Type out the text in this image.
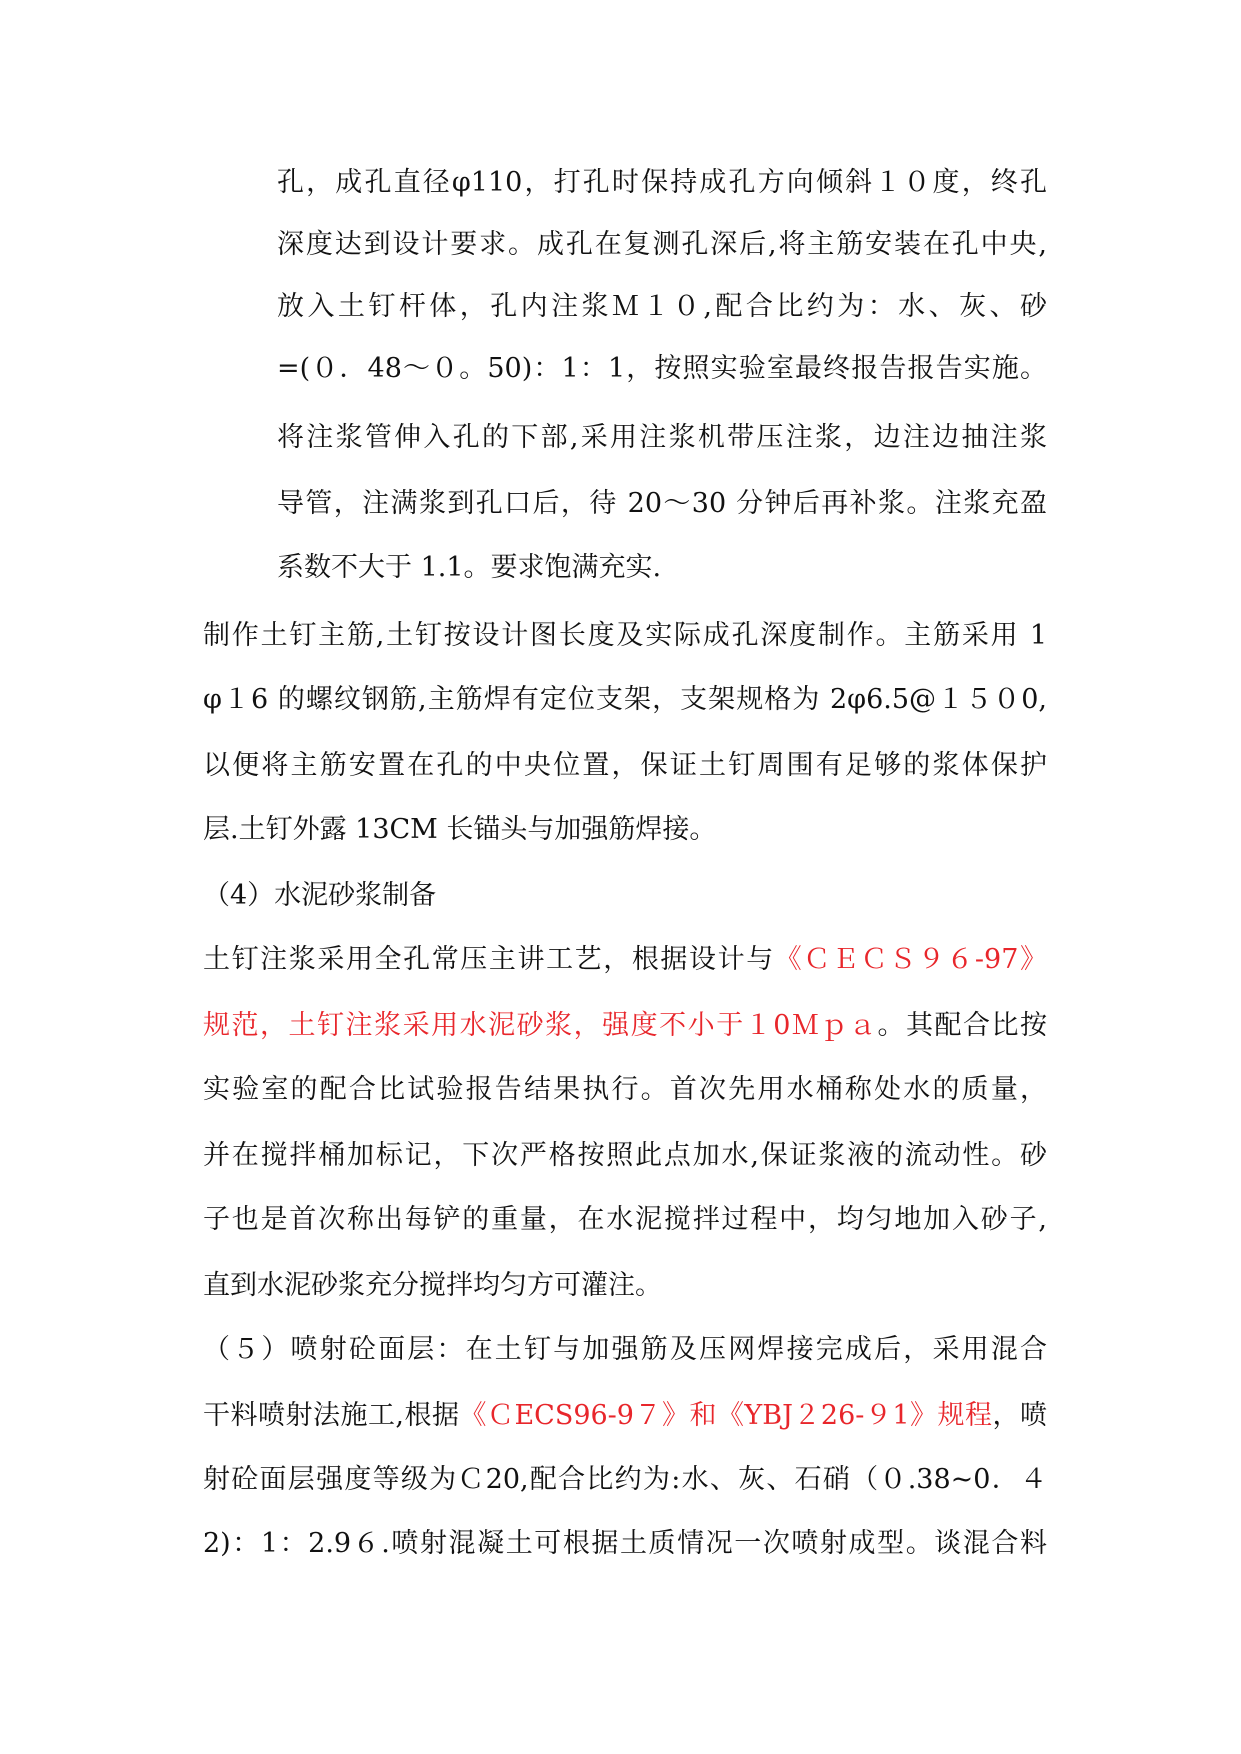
孔，成孔直径φ110，打孔时保持成孔方向倾斜１０度，终孔
深度达到设计要求。成孔在复测孔深后,将主筋安装在孔中央,
放入土钉杆体，孔内注浆Ｍ１０,配合比约为：水、灰、砂
=(０．48～０。50)：1：1，按照实验室最终报告报告实施。
将注浆管伸入孔的下部,采用注浆机带压注浆，边注边抽注浆
导管，注满浆到孔口后，待 20～30 分钟后再补浆。注浆充盈
系数不大于 1.1。要求饱满充实.
制作土钉主筋,土钉按设计图长度及实际成孔深度制作。主筋采用 1
φ１6 的螺纹钢筋,主筋焊有定位支架，支架规格为 2φ6.5@１５０0,
以便将主筋安置在孔的中央位置，保证土钉周围有足够的浆体保护
层.土钉外露 13CM 长锚头与加强筋焊接。
（4）水泥砂浆制备
土钉注浆采用全孔常压主讲工艺，根据设计与《ＣＥＣＳ９６-97》
规范，土钉注浆采用水泥砂浆，强度不小于１0Ｍｐａ。其配合比按
实验室的配合比试验报告结果执行。首次先用水桶称处水的质量，
并在搅拌桶加标记，下次严格按照此点加水,保证浆液的流动性。砂
子也是首次称出每铲的重量，在水泥搅拌过程中，均匀地加入砂子,
直到水泥砂浆充分搅拌均匀方可灌注。
（５）喷射砼面层：在土钉与加强筋及压网焊接完成后，采用混合
干料喷射法施工,根据《ＣECS96-9７》和《YBJ２26-９1》规程，喷
射砼面层强度等级为Ｃ20,配合比约为:水、灰、石硝（０.38~0．４
2)：1：2.9６.喷射混凝土可根据土质情况一次喷射成型。谈混合料
